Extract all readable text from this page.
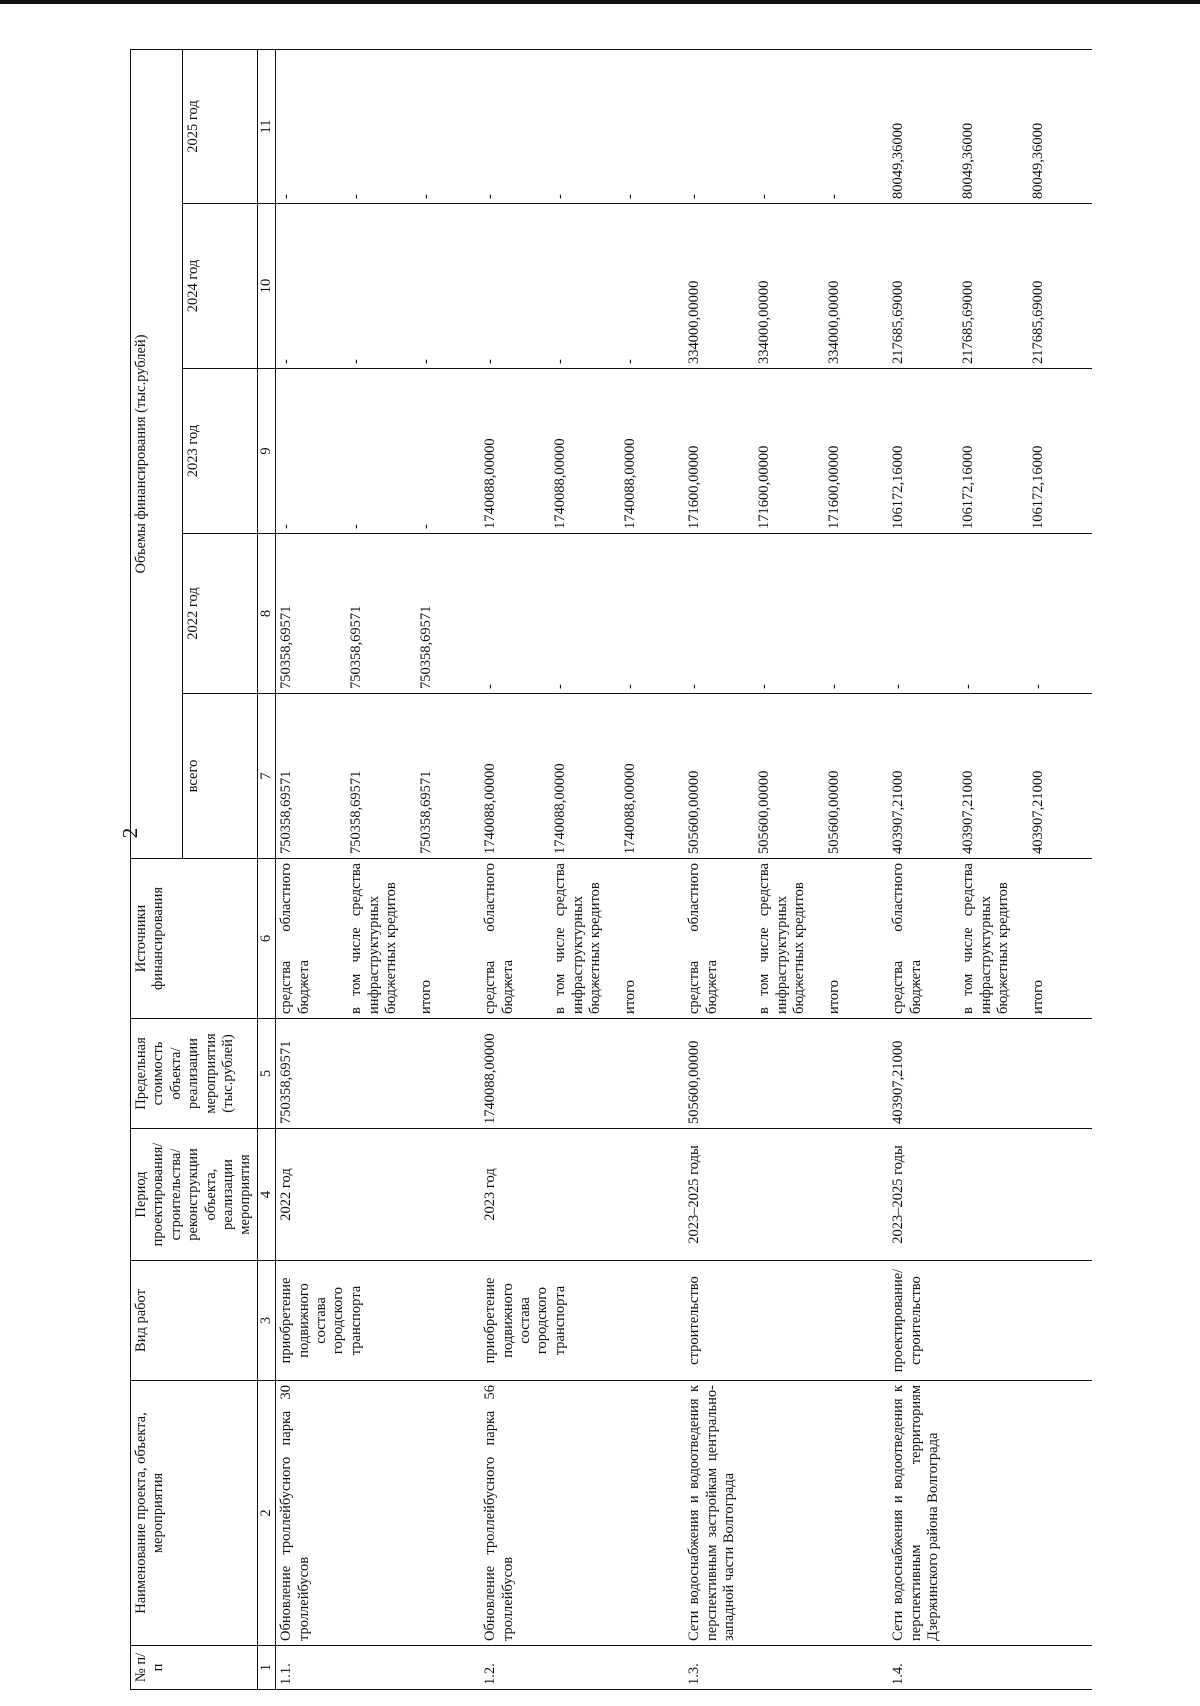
2
№ п/п	Наименование проекта, объекта, мероприятия	Вид работ	Период проектирования/ строительства/ реконструкции объекта, реализации мероприятия	Предельная стоимость объекта/ реализации мероприятия (тыс.рублей)	Источники финансирования	Объемы финансирования (тыс.рублей)				
						всего	2022 год	2023 год	2024 год	2025 год
1	2	3	4	5	6	7	8	9	10	11
1.1.	Обновление троллейбусного парка 30 троллейбусов	приобретение подвижного состава городского транспорта	2022 год	750358,69571	средства областного бюджета	750358,69571	750358,69571	-	-	-
					в том числе средства инфраструктурных бюджетных кредитов	750358,69571	750358,69571	-	-	-
					итого	750358,69571	750358,69571	-	-	-
1.2.	Обновление троллейбусного парка 56 троллейбусов	приобретение подвижного состава городского транспорта	2023 год	1740088,00000	средства областного бюджета	1740088,00000	-	1740088,00000	-	-
					в том числе средства инфраструктурных бюджетных кредитов	1740088,00000	-	1740088,00000	-	-
					итого	1740088,00000	-	1740088,00000	-	-
1.3.	Сети водоснабжения и водоотведения к перспективным застройкам центрально-западной части Волгограда	строительство	2023–2025 годы	505600,00000	средства областного бюджета	505600,00000	-	171600,00000	334000,00000	-
					в том числе средства инфраструктурных бюджетных кредитов	505600,00000	-	171600,00000	334000,00000	-
					итого	505600,00000	-	171600,00000	334000,00000	-
1.4.	Сети водоснабжения и водоотведения к перспективным территориям Дзержинского района Волгограда	проектирование/ строительство	2023–2025 годы	403907,21000	средства областного бюджета	403907,21000	-	106172,16000	217685,69000	80049,36000
					в том числе средства инфраструктурных бюджетных кредитов	403907,21000	-	106172,16000	217685,69000	80049,36000
					итого	403907,21000	-	106172,16000	217685,69000	80049,36000
